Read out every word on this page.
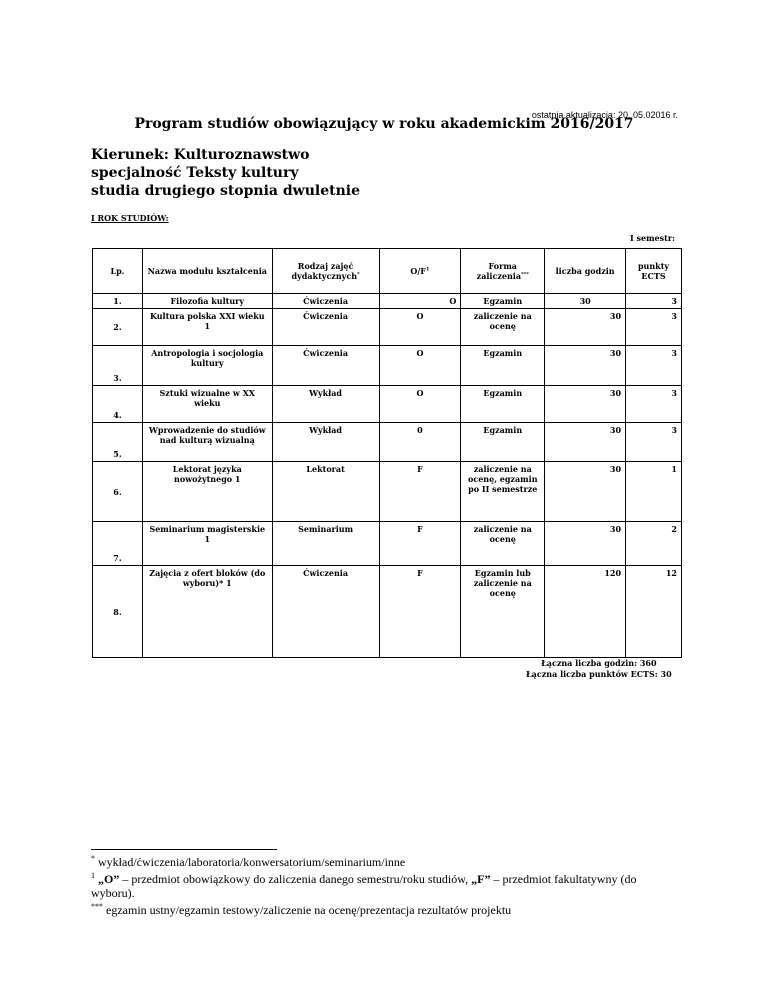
ostatnia aktualizacja: 20. 05.02016 r.
Program studiów obowiązujący w roku akademickim 2016/2017
Kierunek: Kulturoznawstwo
specjalność Teksty kultury
studia drugiego stopnia dwuletnie
I ROK STUDIÓW:
I semestr:
Lp.	Nazwa modułu kształcenia	Rodzaj zajęć dydaktycznych*	$O/F^1$	Forma zaliczenia***	liczba godzin	punkty ECTS
1.	Filozofia kultury	Ćwiczenia	O	Egzamin	30	3
2.	Kultura polska XXI wieku 1	Ćwiczenia	O	zaliczenie na ocenę	30	3
3.	Antropologia i socjologia kultury	Ćwiczenia	O	Egzamin	30	3
4.	Sztuki wizualne w XX wieku	Wykład	O	Egzamin	30	3
5.	Wprowadzenie do studiów nad kulturą wizualną	Wykład	0	Egzamin	30	3
6.	Lektorat języka nowożytnego 1	Lektorat	F	zaliczenie na ocenę, egzamin po II semestrze	30	1
7.	Seminarium magisterskie 1	Seminarium	F	zaliczenie na ocenę	30	2
8.	Zajęcia z ofert bloków (do wyboru)* 1	Ćwiczenia	F	Egzamin lub zaliczenie na ocenę	120	12
Łączna liczba godzin: 360
Łączna liczba punktów ECTS: 30
* wykład/ćwiczenia/laboratoria/konwersatorium/seminarium/inne
$^1$ „O” – przedmiot obowiązkowy do zaliczenia danego semestru/roku studiów, „F” – przedmiot fakultatywny (do wyboru).
*** egzamin ustny/egzamin testowy/zaliczenie na ocenę/prezentacja rezultatów projektu
